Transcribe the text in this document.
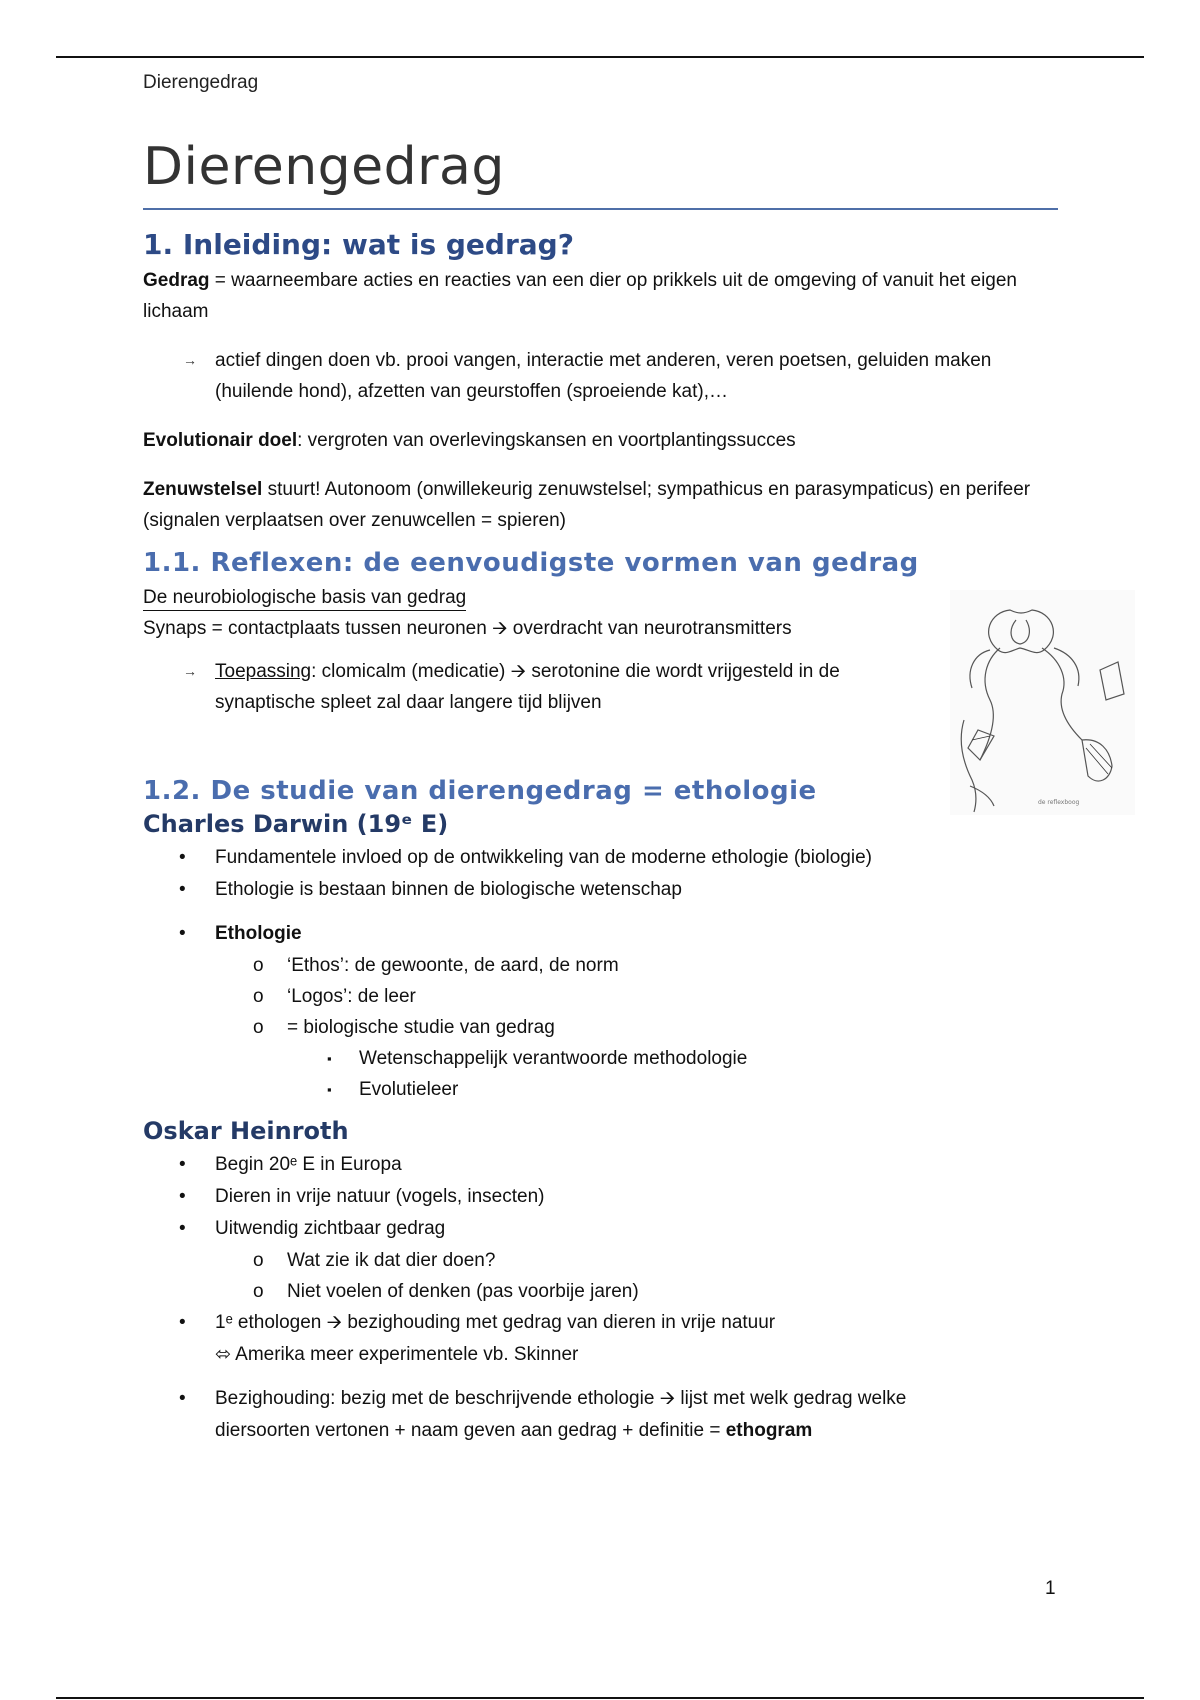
Dierengedrag
Dierengedrag
1. Inleiding: wat is gedrag?

Gedrag = waarneembare acties en reacties van een dier op prikkels uit de omgeving of vanuit het eigen lichaam

→ actief dingen doen vb. prooi vangen, interactie met anderen, veren poetsen, geluiden maken (huilende hond), afzetten van geurstoffen (sproeiende kat),…

Evolutionair doel: vergroten van overlevingskansen en voortplantingssucces

Zenuwstelsel stuurt! Autonoom (onwillekeurig zenuwstelsel; sympathicus en parasympaticus) en perifeer (signalen verplaatsen over zenuwcellen = spieren)

1.1. Reflexen: de eenvoudigste vormen van gedrag

De neurobiologische basis van gedrag

Synaps = contactplaats tussen neuronen 🡪 overdracht van neurotransmitters

→ Toepassing: clomicalm (medicatie) 🡪 serotonine die wordt vrijgesteld in de synaptische spleet zal daar langere tijd blijven
1.2. De studie van dierengedrag = ethologie
Charles Darwin (19ᵉ E)
• Fundamentele invloed op de ontwikkeling van de moderne ethologie (biologie)
• Ethologie is bestaan binnen de biologische wetenschap
• Ethologie
o ‘Ethos’: de gewoonte, de aard, de norm
o ‘Logos’: de leer
o = biologische studie van gedrag
▪ Wetenschappelijk verantwoorde methodologie
▪ Evolutieleer
Oskar Heinroth
• Begin 20ᵉ E in Europa
• Dieren in vrije natuur (vogels, insecten)
• Uitwendig zichtbaar gedrag
o Wat zie ik dat dier doen?
o Niet voelen of denken (pas voorbije jaren)
• 1ᵉ ethologen 🡪 bezighouding met gedrag van dieren in vrije natuur
⬄ Amerika meer experimentele vb. Skinner
• Bezighouding: bezig met de beschrijvende ethologie 🡪 lijst met welk gedrag welke diersoorten vertonen + naam geven aan gedrag + definitie = ethogram
de reflexboog
1
